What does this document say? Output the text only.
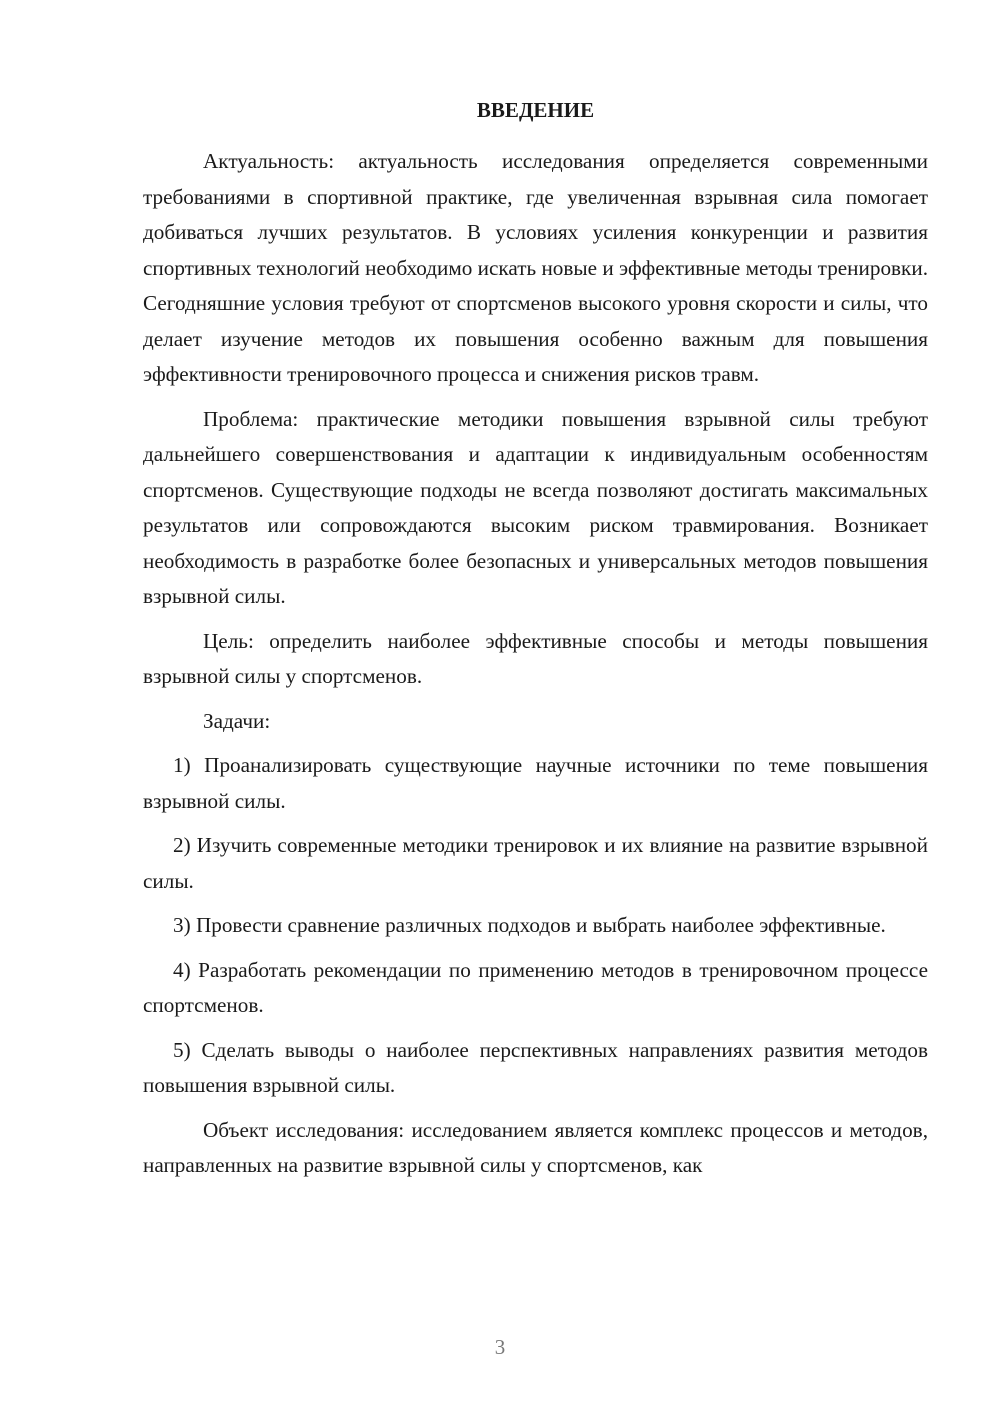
ВВЕДЕНИЕ

Актуальность: актуальность исследования определяется современными требованиями в спортивной практике, где увеличенная взрывная сила помогает добиваться лучших результатов. В условиях усиления конкуренции и развития спортивных технологий необходимо искать новые и эффективные методы тренировки. Сегодняшние условия требуют от спортсменов высокого уровня скорости и силы, что делает изучение методов их повышения особенно важным для повышения эффективности тренировочного процесса и снижения рисков травм.

Проблема: практические методики повышения взрывной силы требуют дальнейшего совершенствования и адаптации к индивидуальным особенностям спортсменов. Существующие подходы не всегда позволяют достигать максимальных результатов или сопровождаются высоким риском травмирования. Возникает необходимость в разработке более безопасных и универсальных методов повышения взрывной силы.

Цель: определить наиболее эффективные способы и методы повышения взрывной силы у спортсменов.

Задачи:

1) Проанализировать существующие научные источники по теме повышения взрывной силы.

2) Изучить современные методики тренировок и их влияние на развитие взрывной силы.

3) Провести сравнение различных подходов и выбрать наиболее эффективные.

4) Разработать рекомендации по применению методов в тренировочном процессе спортсменов.

5) Сделать выводы о наиболее перспективных направлениях развития методов повышения взрывной силы.

Объект исследования: исследованием является комплекс процессов и методов, направленных на развитие взрывной силы у спортсменов, как

3
